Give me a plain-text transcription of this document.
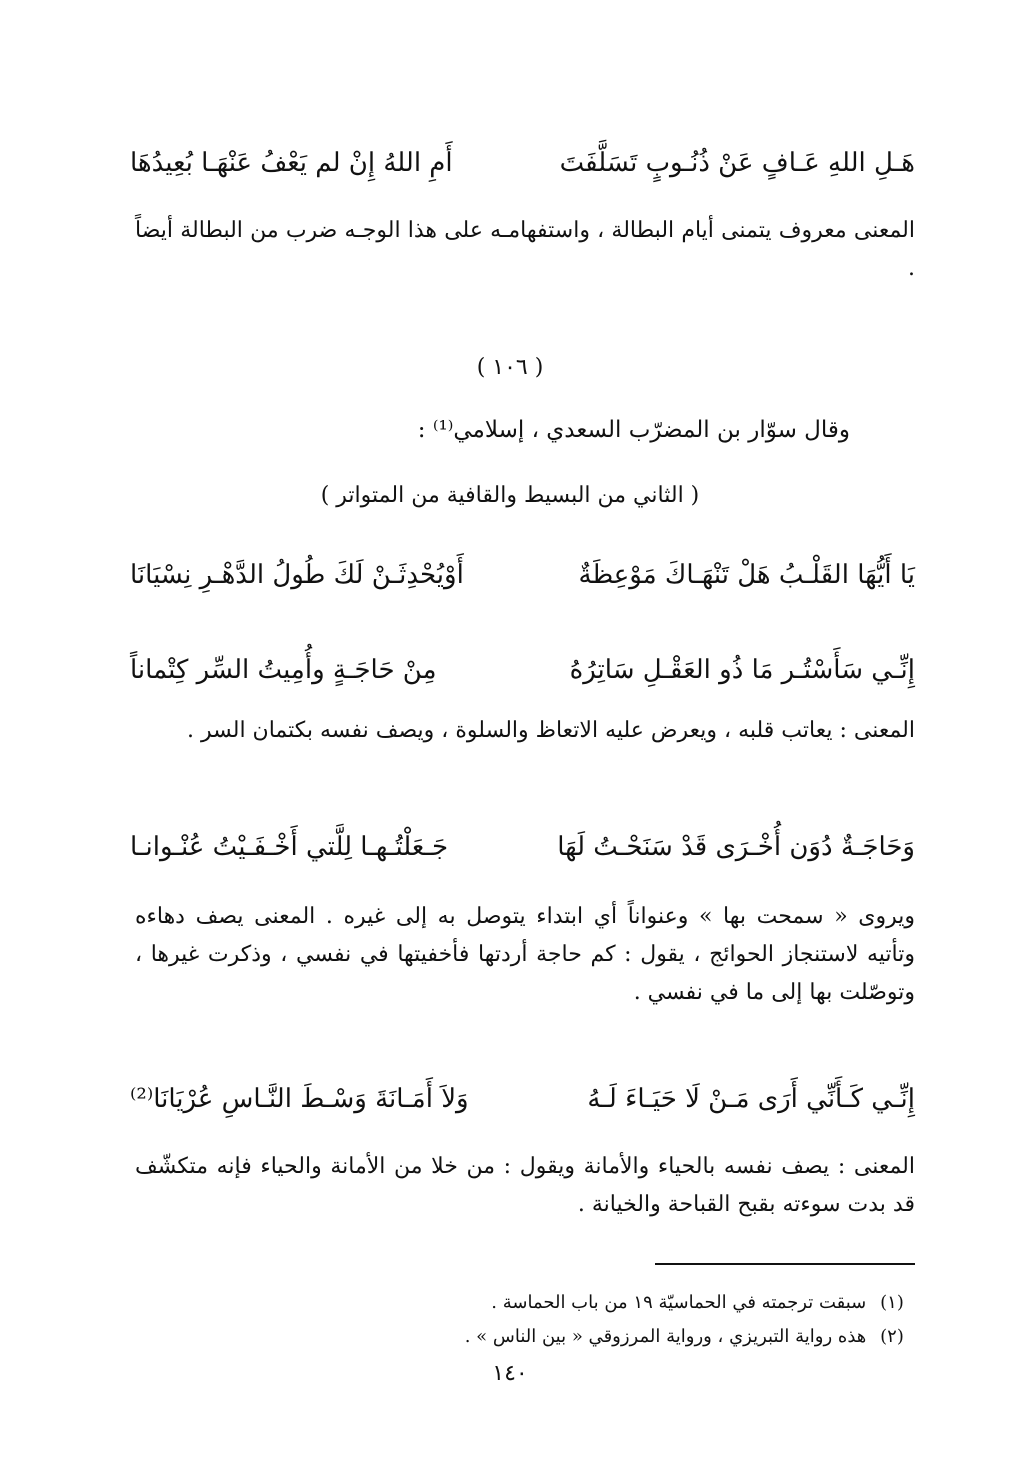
هَـلِ اللهِ عَـافٍ عَنْ ذُنُـوبٍ تَسَلَّفَتَ
أَمِ اللهُ إِنْ لم يَعْفُ عَنْهَـا بُعِيدُهَا

المعنى معروف يتمنى أيام البطالة ، واستفهامـه على هذا الوجـه ضرب من البطالة أيضاً .

( ١٠٦ )

وقال سوّار بن المضرّب السعدي ، إسلامي⁽¹⁾ :

( الثاني من البسيط والقافية من المتواتر )

يَا أَيُّهَا القَلْـبُ هَلْ تَنْهَـاكَ مَوْعِظَةٌ
أَوْيُحْدِثَـنْ لَكَ طُولُ الدَّهْـرِ نِسْيَانَا
إِنِّـي سَأَسْتُـر مَا ذُو العَقْـلِ سَاتِرُهُ
مِنْ حَاجَـةٍ وأُمِيتُ السِّر كِتْماناً

المعنى : يعاتب قلبه ، ويعرض عليه الاتعاظ والسلوة ، ويصف نفسه بكتمان السر .

وَحَاجَـةٌ دُوَن أُخْـرَى قَدْ سَنَحْـتُ لَهَا
جَـعَلْتُـهـا لِلَّتي أَخْـفَـيْتُ عُنْـوانـا

ويروى « سمحت بها » وعنواناً أي ابتداء يتوصل به إلى غيره . المعنى يصف دهاءه وتأتيه لاستنجاز الحوائج ، يقول : كم حاجة أردتها فأخفيتها في نفسي ، وذكرت غيرها ، وتوصّلت بها إلى ما في نفسي .

إِنِّـي كَـأَنِّي أَرَى مَـنْ لَا حَيَـاءَ لَـهُ
وَلاَ أَمَـانَةَ وَسْـطَ النَّـاسِ عُرْيَانَا⁽²⁾

المعنى : يصف نفسه بالحياء والأمانة ويقول : من خلا من الأمانة والحياء فإنه متكشّف قد بدت سوءته بقبح القباحة والخيانة .

(١) سبقت ترجمته في الحماسيّة ١٩ من باب الحماسة .

(٢) هذه رواية التبريزي ، ورواية المرزوقي « بين الناس » .

١٤٠
